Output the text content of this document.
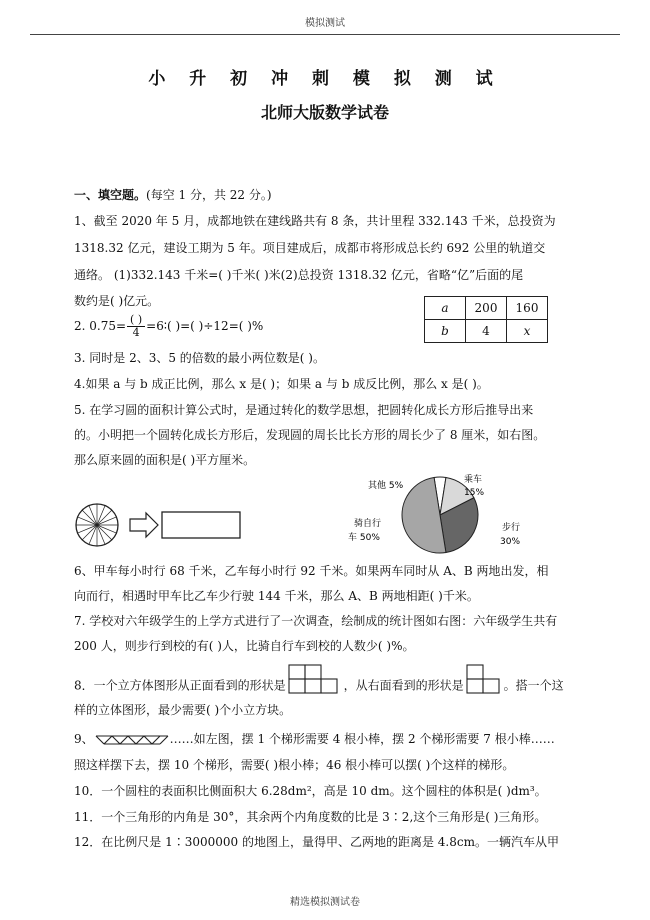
模拟测试
小 升 初 冲 刺 模 拟 测 试
北师大版数学试卷
一、填空题。(每空 1 分，共 22 分。)
1、截至 2020 年 5 月，成都地铁在建线路共有 8 条，共计里程 332.143 千米，总投资为
1318.32 亿元，建设工期为 5 年。项目建成后，成都市将形成总长约 692 公里的轨道交
通络。 (1)332.143 千米=( )千米( )米(2)总投资 1318.32 亿元，省略“亿”后面的尾
数约是( )亿元。
2. $0.75= \frac{( )}{4}$ =6∶( )=( )÷12=( )%
a	200	160
b	4	x
3. 同时是 2、3、5 的倍数的最小两位数是( )。
4.如果 a 与 b 成正比例，那么 x 是( )；如果 a 与 b 成反比例，那么 x 是( )。
5. 在学习圆的面积计算公式时，是通过转化的数学思想，把圆转化成长方形后推导出来
的。小明把一个圆转化成长方形后，发现圆的周长比长方形的周长少了 8 厘米，如右图。
那么原来圆的面积是( )平方厘米。
其他 5%
乘车
15%
步行
30%
骑自行
车 50%
6、甲车每小时行 68 千米，乙车每小时行 92 千米。如果两车同时从 A、B 两地出发，相
向而行，相遇时甲车比乙车少行驶 144 千米，那么 A、B 两地相距( )千米。
7. 学校对六年级学生的上学方式进行了一次调查，绘制成的统计图如右图：六年级学生共有
200 人，则步行到校的有( )人，比骑自行车到校的人数少( )%。
8．一个立方体图形从正面看到的形状是	，从右面看到的形状是	。搭一个这
样的立体图形，最少需要( )个小立方块。
9、	……如左图，摆 1 个梯形需要 4 根小棒，摆 2 个梯形需要 7 根小棒……
照这样摆下去，摆 10 个梯形，需要( )根小棒；46 根小棒可以摆( )个这样的梯形。
10．一个圆柱的表面积比侧面积大 6.28dm²，高是 10 dm。这个圆柱的体积是( )dm³。
11．一个三角形的内角是 30°，其余两个内角度数的比是 3∶2,这个三角形是( )三角形。
12．在比例尺是 1∶3000000 的地图上，量得甲、乙两地的距离是 4.8cm。一辆汽车从甲
精选模拟测试卷
